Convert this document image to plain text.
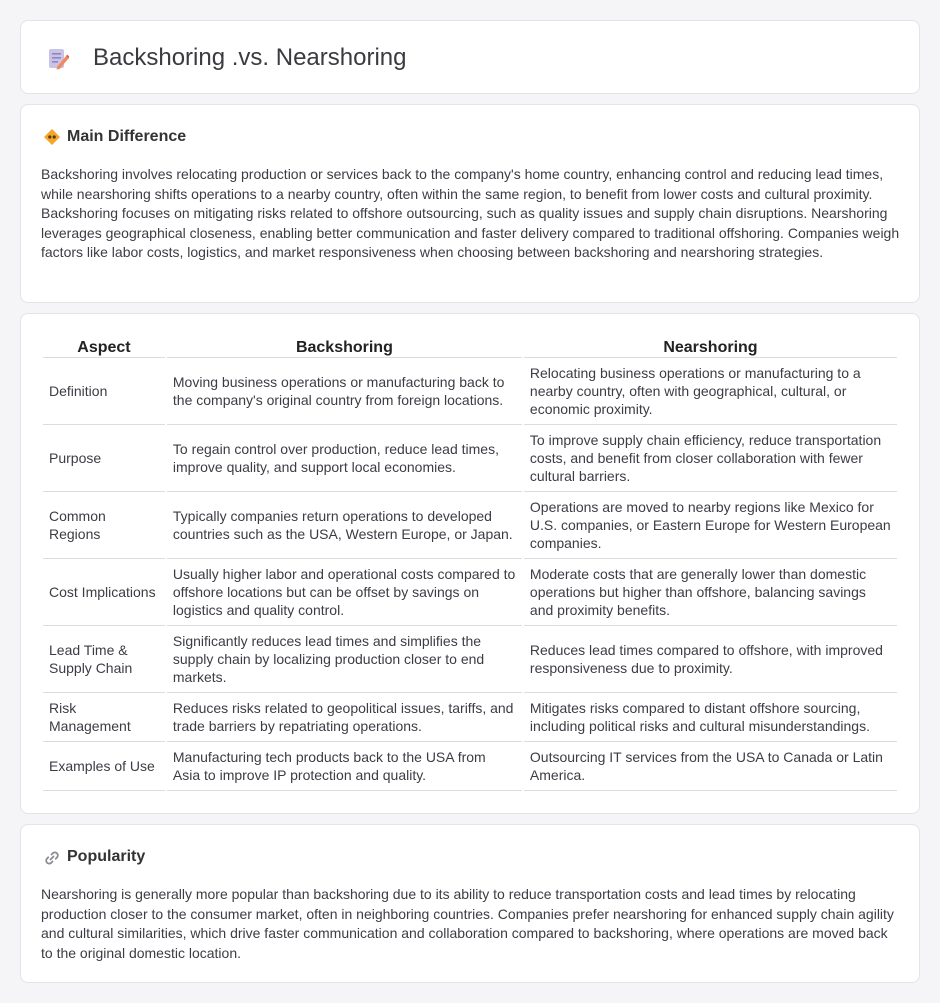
Backshoring .vs. Nearshoring
Main Difference

Backshoring involves relocating production or services back to the company's home country, enhancing control and reducing lead times, while nearshoring shifts operations to a nearby country, often within the same region, to benefit from lower costs and cultural proximity. Backshoring focuses on mitigating risks related to offshore outsourcing, such as quality issues and supply chain disruptions. Nearshoring leverages geographical closeness, enabling better communication and faster delivery compared to traditional offshoring. Companies weigh factors like labor costs, logistics, and market responsiveness when choosing between backshoring and nearshoring strategies.

Aspect	Backshoring	Nearshoring
Definition	Moving business operations or manufacturing back to the company's original country from foreign locations.	Relocating business operations or manufacturing to a nearby country, often with geographical, cultural, or economic proximity.
Purpose	To regain control over production, reduce lead times, improve quality, and support local economies.	To improve supply chain efficiency, reduce transportation costs, and benefit from closer collaboration with fewer cultural barriers.
Common Regions	Typically companies return operations to developed countries such as the USA, Western Europe, or Japan.	Operations are moved to nearby regions like Mexico for U.S. companies, or Eastern Europe for Western European companies.
Cost Implications	Usually higher labor and operational costs compared to offshore locations but can be offset by savings on logistics and quality control.	Moderate costs that are generally lower than domestic operations but higher than offshore, balancing savings and proximity benefits.
Lead Time & Supply Chain	Significantly reduces lead times and simplifies the supply chain by localizing production closer to end markets.	Reduces lead times compared to offshore, with improved responsiveness due to proximity.
Risk Management	Reduces risks related to geopolitical issues, tariffs, and trade barriers by repatriating operations.	Mitigates risks compared to distant offshore sourcing, including political risks and cultural misunderstandings.
Examples of Use	Manufacturing tech products back to the USA from Asia to improve IP protection and quality.	Outsourcing IT services from the USA to Canada or Latin America.
Popularity

Nearshoring is generally more popular than backshoring due to its ability to reduce transportation costs and lead times by relocating production closer to the consumer market, often in neighboring countries. Companies prefer nearshoring for enhanced supply chain agility and cultural similarities, which drive faster communication and collaboration compared to backshoring, where operations are moved back to the original domestic location.
